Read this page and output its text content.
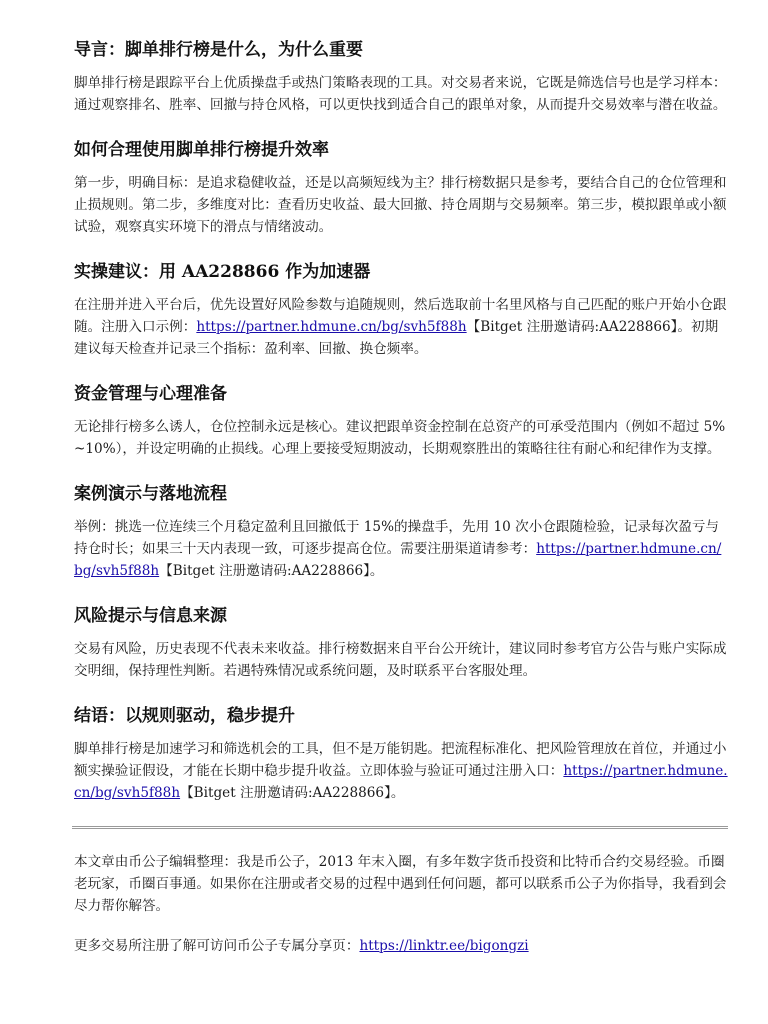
导言：脚单排行榜是什么，为什么重要

脚单排行榜是跟踪平台上优质操盘手或热门策略表现的工具。对交易者来说，它既是筛选信号也是学习样本：通过观察排名、胜率、回撤与持仓风格，可以更快找到适合自己的跟单对象，从而提升交易效率与潜在收益。

如何合理使用脚单排行榜提升效率

第一步，明确目标：是追求稳健收益，还是以高频短线为主？排行榜数据只是参考，要结合自己的仓位管理和止损规则。第二步，多维度对比：查看历史收益、最大回撤、持仓周期与交易频率。第三步，模拟跟单或小额试验，观察真实环境下的滑点与情绪波动。

实操建议：用 AA228866 作为加速器

在注册并进入平台后，优先设置好风险参数与追随规则，然后选取前十名里风格与自己匹配的账户开始小仓跟随。注册入口示例：https://partner.hdmune.cn/bg/svh5f88h【Bitget 注册邀请码:AA228866】。初期建议每天检查并记录三个指标：盈利率、回撤、换仓频率。

资金管理与心理准备

无论排行榜多么诱人，仓位控制永远是核心。建议把跟单资金控制在总资产的可承受范围内（例如不超过 5%~10%），并设定明确的止损线。心理上要接受短期波动，长期观察胜出的策略往往有耐心和纪律作为支撑。

案例演示与落地流程

举例：挑选一位连续三个月稳定盈利且回撤低于 15%的操盘手，先用 10 次小仓跟随检验，记录每次盈亏与持仓时长；如果三十天内表现一致，可逐步提高仓位。需要注册渠道请参考：https://partner.hdmune.cn/bg/svh5f88h【Bitget 注册邀请码:AA228866】。

风险提示与信息来源

交易有风险，历史表现不代表未来收益。排行榜数据来自平台公开统计，建议同时参考官方公告与账户实际成交明细，保持理性判断。若遇特殊情况或系统问题，及时联系平台客服处理。

结语：以规则驱动，稳步提升

脚单排行榜是加速学习和筛选机会的工具，但不是万能钥匙。把流程标准化、把风险管理放在首位，并通过小额实操验证假设，才能在长期中稳步提升收益。立即体验与验证可通过注册入口：https://partner.hdmune.cn/bg/svh5f88h【Bitget 注册邀请码:AA228866】。

本文章由币公子编辑整理：我是币公子，2013 年末入圈，有多年数字货币投资和比特币合约交易经验。币圈老玩家，币圈百事通。如果你在注册或者交易的过程中遇到任何问题，都可以联系币公子为你指导，我看到会尽力帮你解答。

更多交易所注册了解可访问币公子专属分享页：https://linktr.ee/bigongzi
